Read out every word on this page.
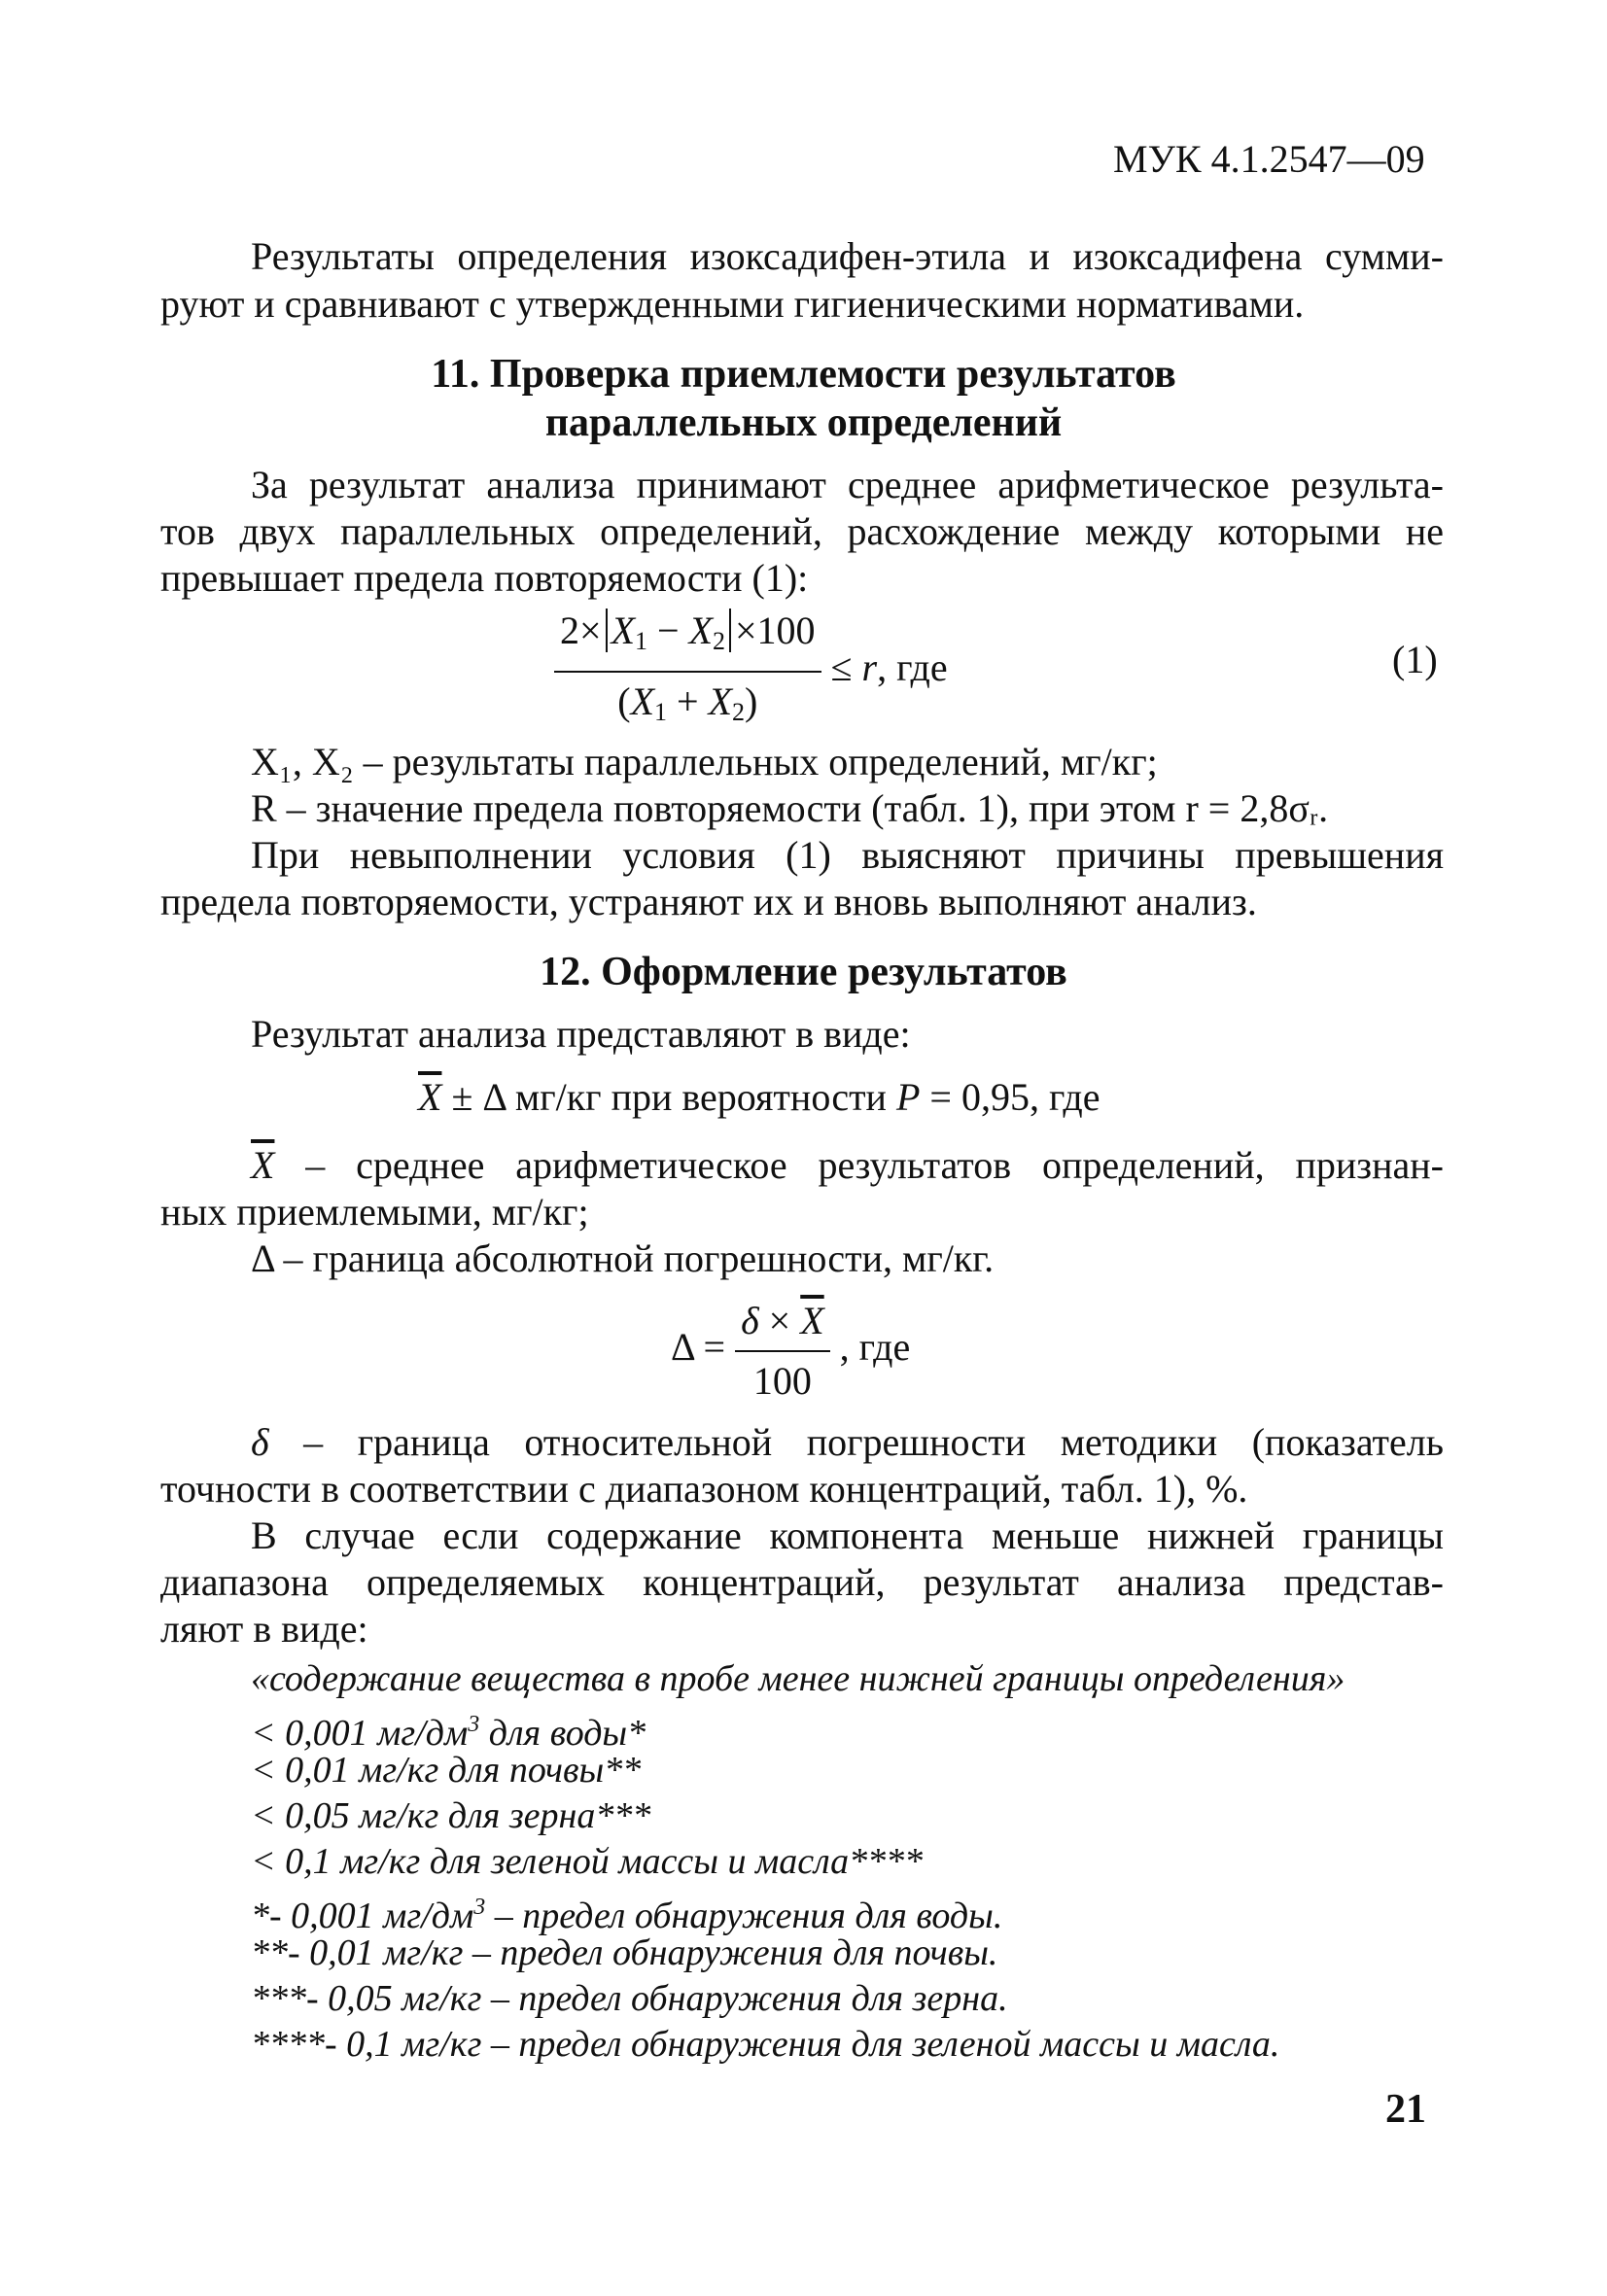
МУК 4.1.2547—09
Результаты определения изоксадифен-этила и изоксадифена сумми-
руют и сравнивают с утвержденными гигиеническими нормативами.
11. Проверка приемлемости результатов
параллельных определений
За результат анализа принимают среднее арифметическое результа-
тов двух параллельных определений, расхождение между которыми не
превышает предела повторяемости (1):
$\frac{2\times X_1 - X_2 \times 100}{(X_1 + X_2)} \le r$, где	(1)
X₁, X₂ – результаты параллельных определений, мг/кг;
R – значение предела повторяемости (табл. 1), при этом r = 2,8σᵣ.
При невыполнении условия (1) выясняют причины превышения
предела повторяемости, устраняют их и вновь выполняют анализ.
12. Оформление результатов
Результат анализа представляют в виде:
$\overline{X} \pm \Delta$ мг/кг при вероятности P = 0,95, где
$\overline{X}$ – среднее арифметическое результатов определений, признан-
ных приемлемыми, мг/кг;
Δ – граница абсолютной погрешности, мг/кг.
$\Delta = \frac{\delta \times \overline{X}}{100}$ , где
δ – граница относительной погрешности методики (показатель
точности в соответствии с диапазоном концентраций, табл. 1), %.
В случае если содержание компонента меньше нижней границы
диапазона определяемых концентраций, результат анализа представ-
ляют в виде:
«содержание вещества в пробе менее нижней границы определения»
< 0,001 $мг/дм^3$ для воды*
< 0,01 мг/кг для почвы**
< 0,05 мг/кг для зерна***
< 0,1 мг/кг для зеленой массы и масла****
*- 0,001 $мг/дм^3$ – предел обнаружения для воды.
**- 0,01 мг/кг – предел обнаружения для почвы.
***- 0,05 мг/кг – предел обнаружения для зерна.
****- 0,1 мг/кг – предел обнаружения для зеленой массы и масла.
21
